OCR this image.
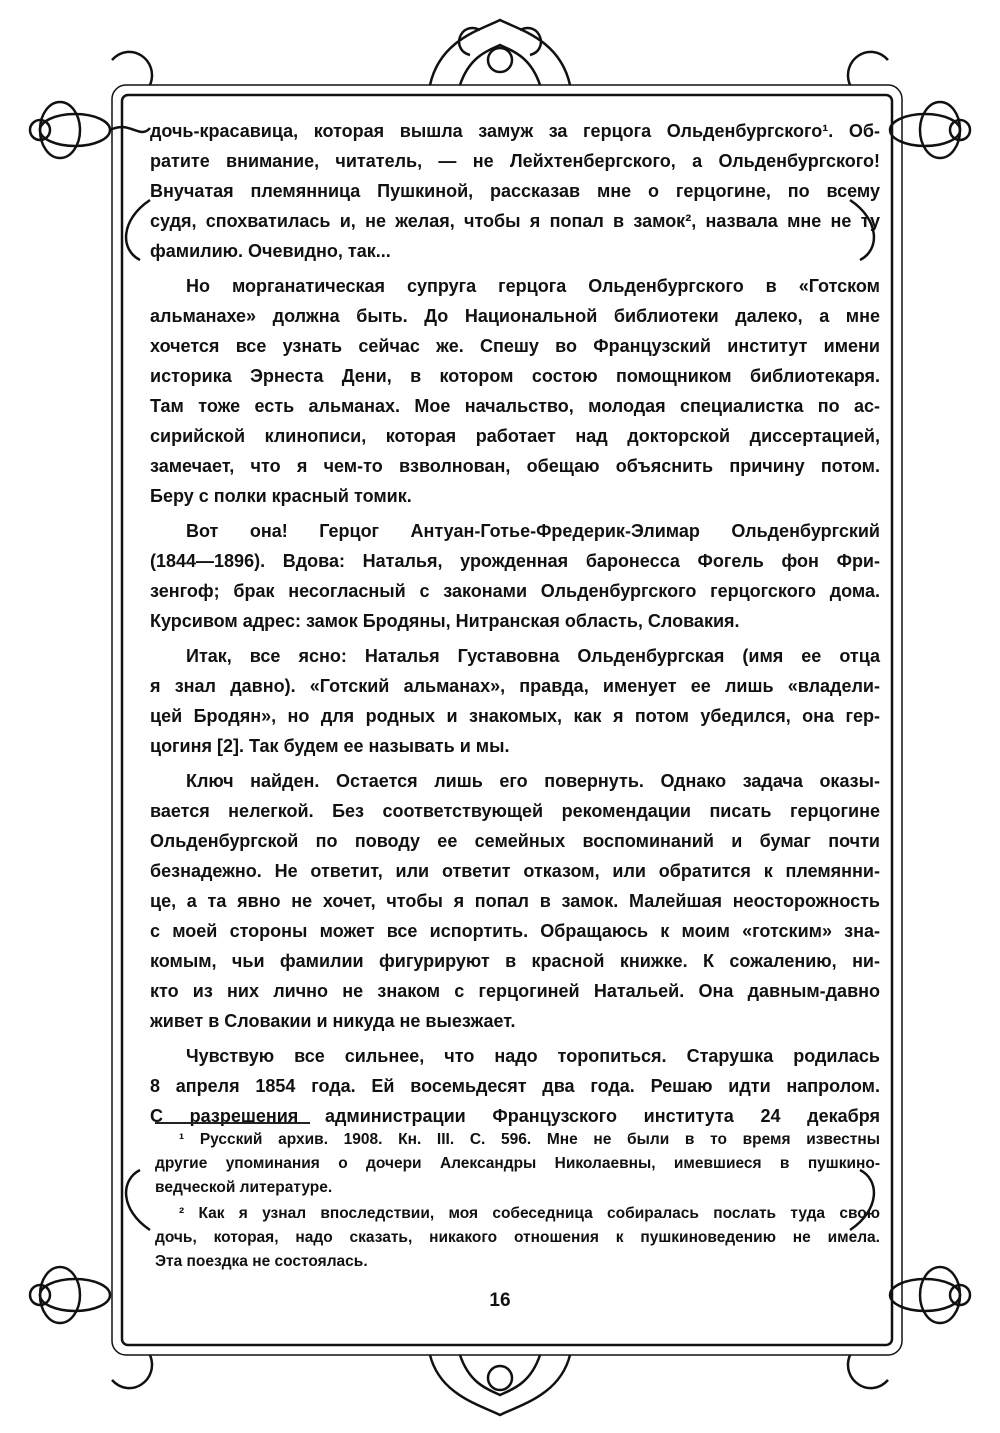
дочь-красавица, которая вышла замуж за герцога Ольденбургского¹. Об-
ратите внимание, читатель, — не Лейхтенбергского, а Ольденбургского!
Внучатая племянница Пушкиной, рассказав мне о герцогине, по всему
судя, спохватилась и, не желая, чтобы я попал в замок², назвала мне не ту
фамилию. Очевидно, так...
Но морганатическая супруга герцога Ольденбургского в «Готском
альманахе» должна быть. До Национальной библиотеки далеко, а мне
хочется все узнать сейчас же. Спешу во Французский институт имени
историка Эрнеста Дени, в котором состою помощником библиотекаря.
Там тоже есть альманах. Мое начальство, молодая специалистка по ас-
сирийской клинописи, которая работает над докторской диссертацией,
замечает, что я чем-то взволнован, обещаю объяснить причину потом.
Беру с полки красный томик.
Вот она! Герцог Антуан-Готье-Фредерик-Элимар Ольденбургский
(1844—1896). Вдова: Наталья, урожденная баронесса Фогель фон Фри-
зенгоф; брак несогласный с законами Ольденбургского герцогского дома.
Курсивом адрес: замок Бродяны, Нитранская область, Словакия.
Итак, все ясно: Наталья Густавовна Ольденбургская (имя ее отца
я знал давно). «Готский альманах», правда, именует ее лишь «владели-
цей Бродян», но для родных и знакомых, как я потом убедился, она гер-
цогиня [2]. Так будем ее называть и мы.
Ключ найден. Остается лишь его повернуть. Однако задача оказы-
вается нелегкой. Без соответствующей рекомендации писать герцогине
Ольденбургской по поводу ее семейных воспоминаний и бумаг почти
безнадежно. Не ответит, или ответит отказом, или обратится к племянни-
це, а та явно не хочет, чтобы я попал в замок. Малейшая неосторожность
с моей стороны может все испортить. Обращаюсь к моим «готским» зна-
комым, чьи фамилии фигурируют в красной книжке. К сожалению, ни-
кто из них лично не знаком с герцогиней Натальей. Она давным-давно
живет в Словакии и никуда не выезжает.
Чувствую все сильнее, что надо торопиться. Старушка родилась
8 апреля 1854 года. Ей восемьдесят два года. Решаю идти напролом.
С разрешения администрации Французского института 24 декабря
¹ Русский архив. 1908. Кн. III. С. 596. Мне не были в то время известны
другие упоминания о дочери Александры Николаевны, имевшиеся в пушкино-
ведческой литературе.
² Как я узнал впоследствии, моя собеседница собиралась послать туда свою
дочь, которая, надо сказать, никакого отношения к пушкиноведению не имела.
Эта поездка не состоялась.
16
